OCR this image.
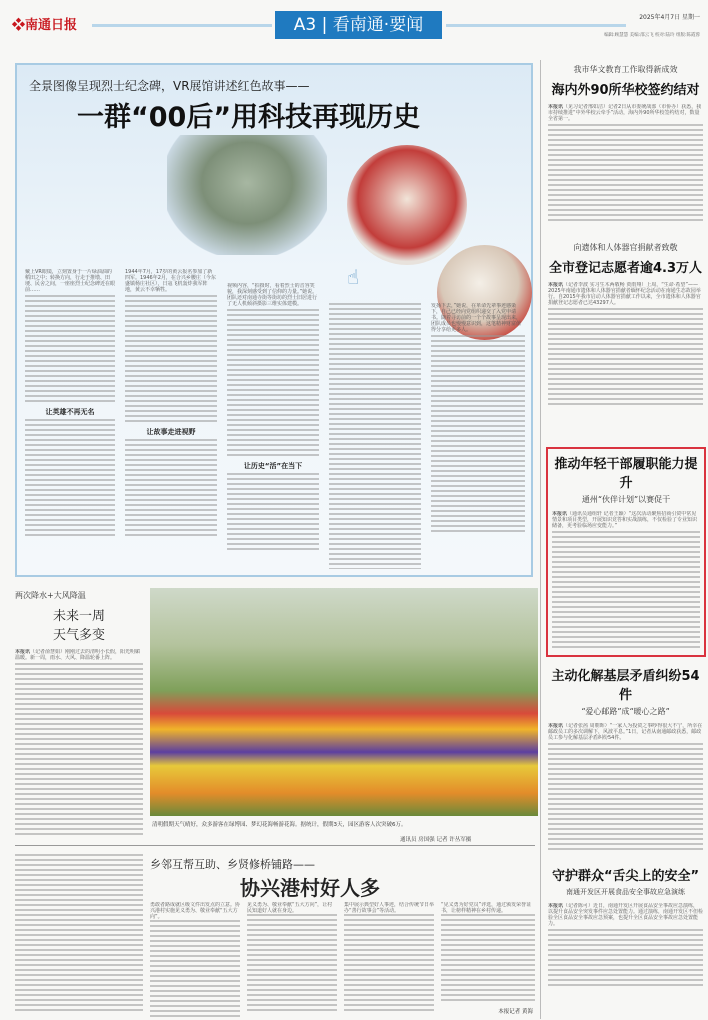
❖南通日报	A3 | 看南通·要闻	2025年4月7日 星期一
编辑:顾慧慧 美编:邵云飞 校对:陆玲 组版:陈霞蓉
全景图像呈现烈士纪念碑，VR展馆讲述红色故事——
一群“00后”用科技再现历史
☝

戴上VR眼镜，立刻置身于一片绿油油的稻田之中；转换方向，行走于推墩、田埂、民舍之间，一座座烈士纪念碑近在眼前……

让英雄不再无名

1944年7月，17岁的黄云报名参加了新四军。1946年2月，在合兴乡腰庄（今东盛镇杨庄社区），日寇飞机轰炸我军阵地，黄云不幸牺牲。

让故事走进视野

视频内容，“拍摄时，看着烈士的音容笑貌，我深刻感受到了信仰的力量。”她说。团队还对南通寺街等街坊的烈士旧居进行了无人机倾斜摄影三维实体建模。

让历史“活”在当下

发扬下去，”她说，在革命先辈事迹感染下，自己已经向党组织递交了入党申请书。随着寻访前的一个个故事呈现出来，团队成员也慢慢意识到，这笔精神财富值得分享给更多人。

我市华文教育工作取得新成效
海内外90所华校签约结对

本报讯（见习记者邢如洁）记者2日从市委统战部（市侨办）获悉，我市持续推进“中外华校云牵手”活动，海内外90所华校签约结对，数量全省第一。

向遗体和人体器官捐献者致敬
全市登记志愿者逾4.3万人

本报讯（记者李波 实习生木两敬畅 贾雨翔）上周，“生命·希望”——2025年南通市遗体和人体器官捐献者缅怀纪念活动在南通生态故园举行。自2015年我市启动人体器官捐献工作以来，全市遗体和人体器官捐献登记志愿者已达43297人。

推动年轻干部履职能力提升
通州“伙伴计划”以赛促干

本报讯（通讯员通组轩 记者王颖）“这次活动聚焦招商引资中常见情景和项目类型，开展知识竞答和实战演练，不仅检验了专业知识储备，更考验临场应变能力。”

主动化解基层矛盾纠纷54件
“爱心邮路”成“暖心之路”

本报讯（记者张茜 周朝晖）“一家人为投资之事吵得很大不宁，所幸在邮政员工的多次调解下，风波平息。”1日，记者从南通邮政获悉，邮政员工参与化解基层矛盾纠纷54件。

守护群众“舌尖上的安全”
南通开发区开展食品安全事故应急演练

本报讯（记者陈可）近日，南通开发区开展食品安全事故应急演练，以提升食品安全突发事件应急处置能力。通过演练，南通开发区不但检验全区食品安全事故应急预案，也提升全区食品安全事故应急处置能力。

两次降水+大风降温
未来一周
天气多变

本报讯（记者俞慧娟）刚刚过去的清明小长假，阳光明媚温暖。新一周，雨水、大风、降温轮番上阵。

清明假期天气晴好，众多游客在绿博园、梦幻花海畅游花海。据统计，假期3天，园区游客人次突破6万。
通讯员 房国强 记者 许丛军摄
乡邻互帮互助、乡贤修桥铺路——
协兴港村好人多

勇敢者路成就区级文件出发点的立意。协兴港村实施见义勇为、敬业奉献“五大方向”。

见义勇为、敬业奉献“五大方向”，让村民知道好人就在身边。

集中展示典型好人事迹，结合传统节日举办“善行故事会”等活动。

“见义勇为好党员”评选，通过颁发荣誉证书，让榜样精神在乡村传递。

本报记者 黄海
